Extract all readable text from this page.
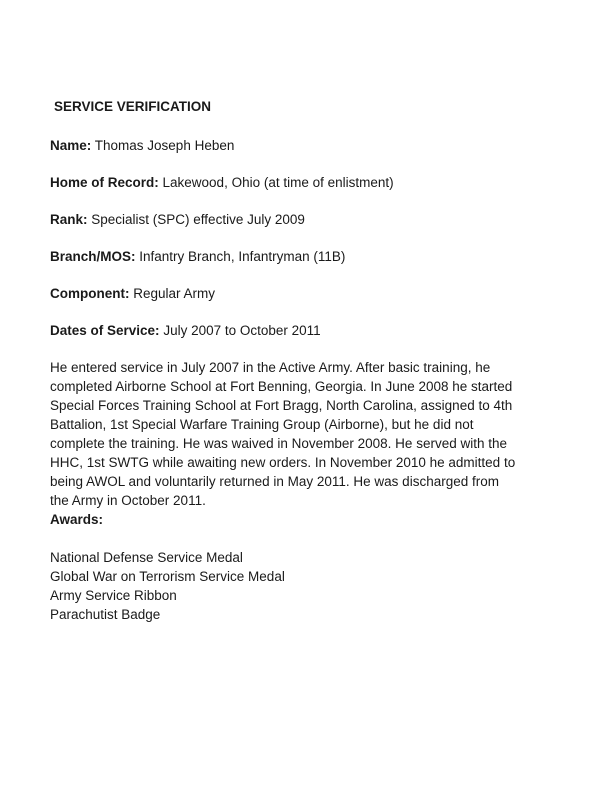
SERVICE VERIFICATION
Name: Thomas Joseph Heben
Home of Record: Lakewood, Ohio (at time of enlistment)
Rank: Specialist (SPC) effective July 2009
Branch/MOS: Infantry Branch, Infantryman (11B)
Component: Regular Army
Dates of Service: July 2007 to October 2011
He entered service in July 2007 in the Active Army. After basic training, he
completed Airborne School at Fort Benning, Georgia. In June 2008 he started
Special Forces Training School at Fort Bragg, North Carolina, assigned to 4th
Battalion, 1st Special Warfare Training Group (Airborne), but he did not
complete the training. He was waived in November 2008. He served with the
HHC, 1st SWTG while awaiting new orders. In November 2010 he admitted to
being AWOL and voluntarily returned in May 2011. He was discharged from
the Army in October 2011.
Awards:
National Defense Service Medal
Global War on Terrorism Service Medal
Army Service Ribbon
Parachutist Badge
